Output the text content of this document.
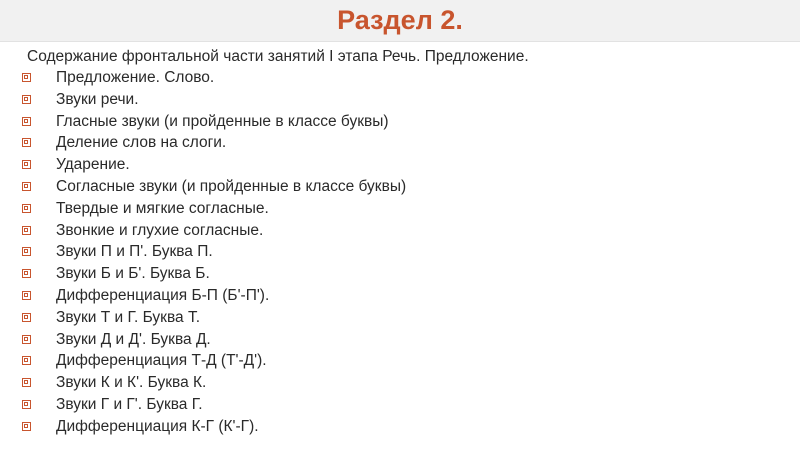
Раздел 2.
Содержание фронтальной части занятий I этапа Речь. Предложение.
Предложение. Слово.
Звуки речи.
Гласные звуки (и пройденные в классе буквы)
Деление слов на слоги.
Ударение.
Согласные звуки (и пройденные в классе буквы)
Твердые и мягкие согласные.
Звонкие и глухие согласные.
Звуки П и П'. Буква П.
Звуки Б и Б'. Буква Б.
Дифференциация Б-П (Б'-П').
Звуки Т и Г. Буква Т.
Звуки Д и Д'. Буква Д.
Дифференциация Т-Д (Т'-Д').
Звуки К и К'. Буква К.
Звуки Г и Г'. Буква Г.
Дифференциация К-Г (К'-Г).
